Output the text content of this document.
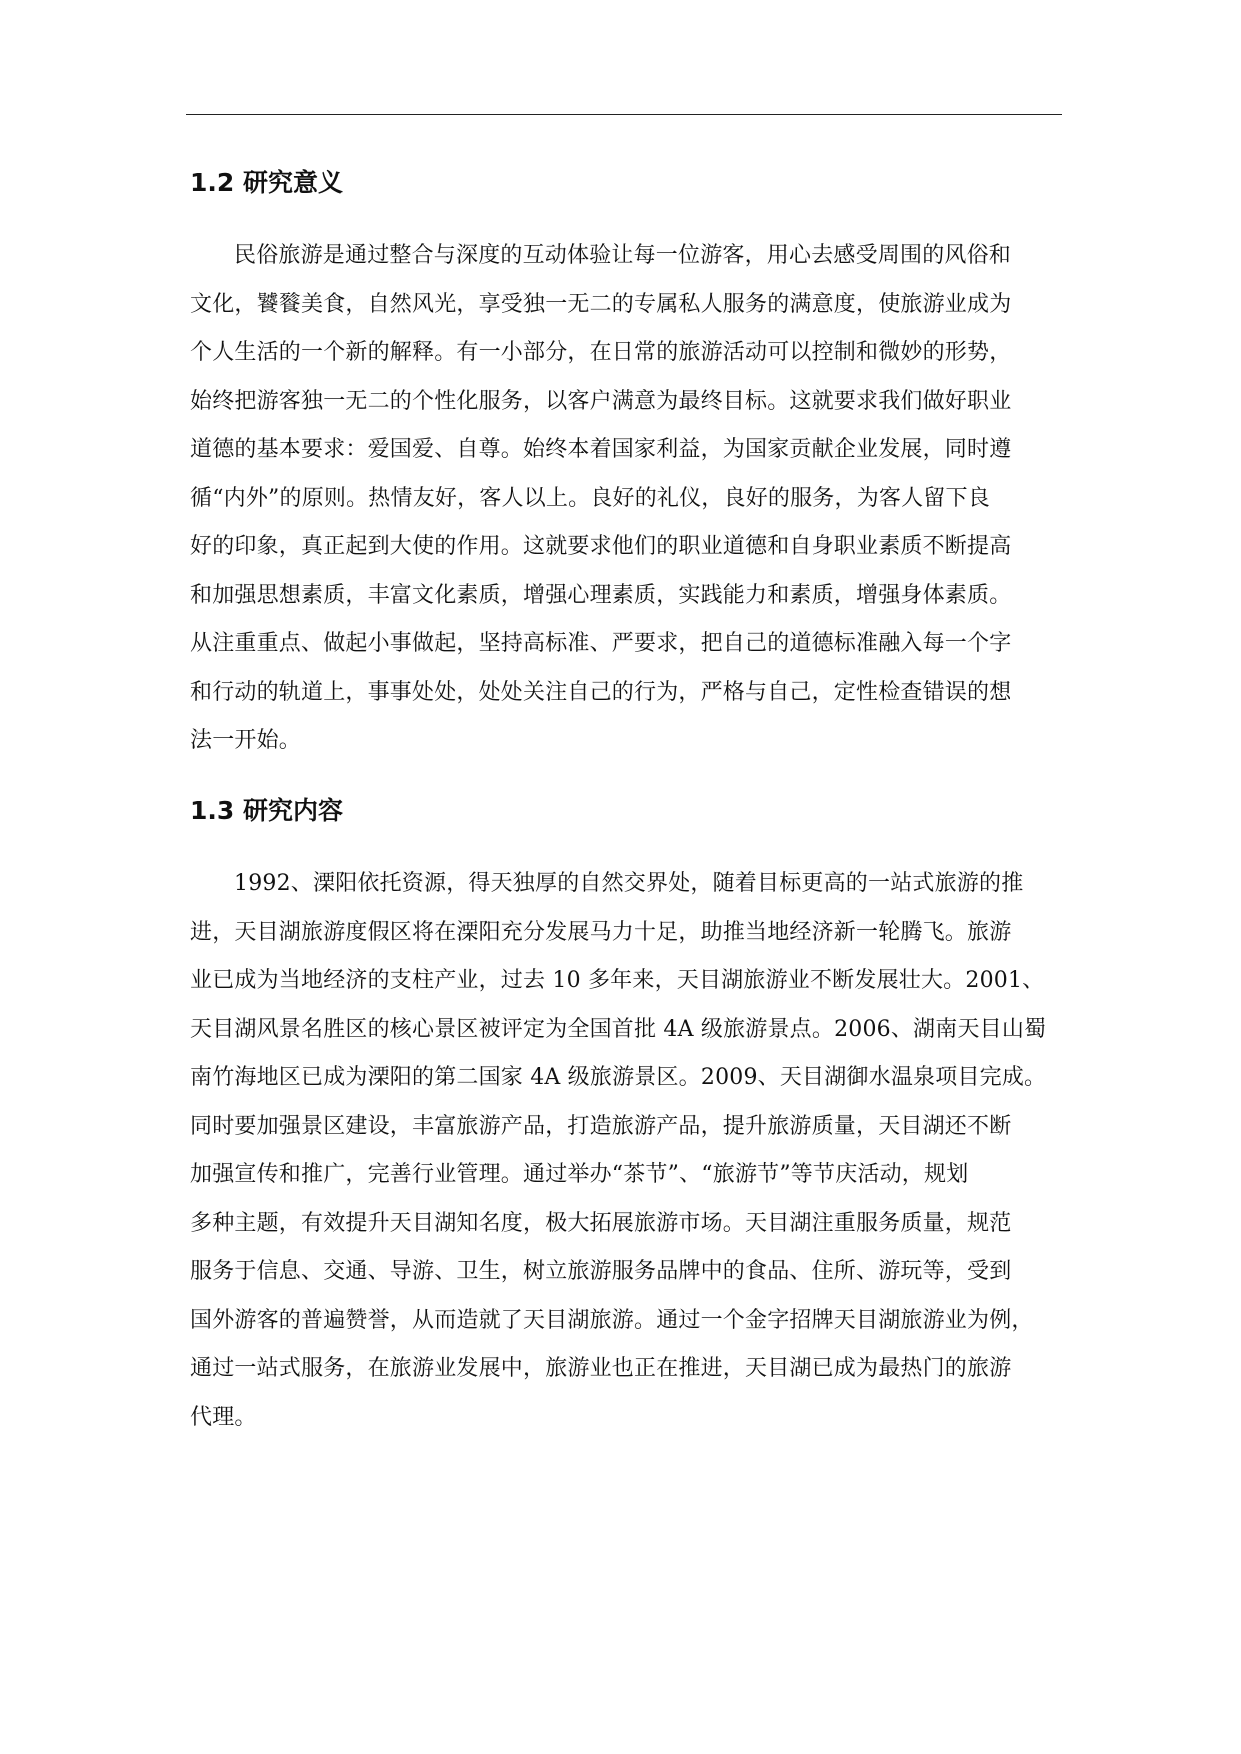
1.2 研究意义
民俗旅游是通过整合与深度的互动体验让每一位游客，用心去感受周围的风俗和
文化，饕餮美食，自然风光，享受独一无二的专属私人服务的满意度，使旅游业成为
个人生活的一个新的解释。有一小部分，在日常的旅游活动可以控制和微妙的形势，
始终把游客独一无二的个性化服务，以客户满意为最终目标。这就要求我们做好职业
道德的基本要求：爱国爱、自尊。始终本着国家利益，为国家贡献企业发展，同时遵
循“内外”的原则。热情友好，客人以上。良好的礼仪，良好的服务，为客人留下良
好的印象，真正起到大使的作用。这就要求他们的职业道德和自身职业素质不断提高
和加强思想素质，丰富文化素质，增强心理素质，实践能力和素质，增强身体素质。
从注重重点、做起小事做起，坚持高标准、严要求，把自己的道德标准融入每一个字
和行动的轨道上，事事处处，处处关注自己的行为，严格与自己，定性检查错误的想
法一开始。
1.3 研究内容
1992、溧阳依托资源，得天独厚的自然交界处，随着目标更高的一站式旅游的推
进，天目湖旅游度假区将在溧阳充分发展马力十足，助推当地经济新一轮腾飞。旅游
业已成为当地经济的支柱产业，过去 10 多年来，天目湖旅游业不断发展壮大。2001、
天目湖风景名胜区的核心景区被评定为全国首批 4A 级旅游景点。2006、湖南天目山蜀
南竹海地区已成为溧阳的第二国家 4A 级旅游景区。2009、天目湖御水温泉项目完成。
同时要加强景区建设，丰富旅游产品，打造旅游产品，提升旅游质量，天目湖还不断
加强宣传和推广，完善行业管理。通过举办“茶节”、“旅游节”等节庆活动，规划
多种主题，有效提升天目湖知名度，极大拓展旅游市场。天目湖注重服务质量，规范
服务于信息、交通、导游、卫生，树立旅游服务品牌中的食品、住所、游玩等，受到
国外游客的普遍赞誉，从而造就了天目湖旅游。通过一个金字招牌天目湖旅游业为例，
通过一站式服务，在旅游业发展中，旅游业也正在推进，天目湖已成为最热门的旅游
代理。
